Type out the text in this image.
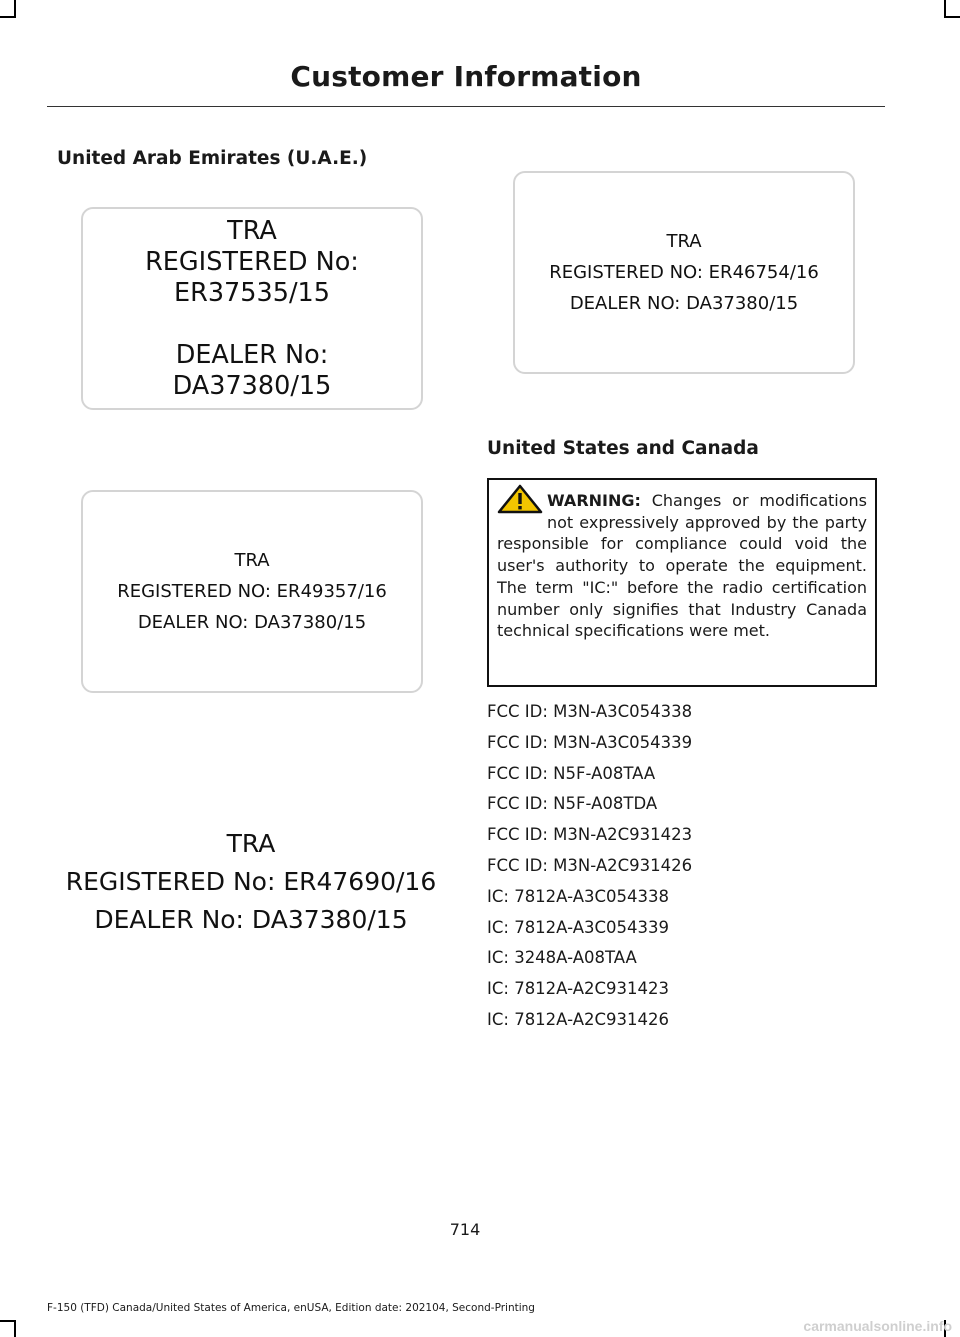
Customer Information
United Arab Emirates (U.A.E.)
TRA
REGISTERED No:
ER37535/15
DEALER No:
DA37380/15
TRA
REGISTERED NO: ER46754/16
DEALER NO: DA37380/15
TRA
REGISTERED NO: ER49357/16
DEALER NO: DA37380/15
TRA
REGISTERED No: ER47690/16
DEALER No: DA37380/15
United States and Canada
WARNING: Changes or modifications not expressively approved by the party responsible for compliance could void the user's authority to operate the equipment. The term "IC:" before the radio certification number only signifies that Industry Canada technical specifications were met.
FCC ID: M3N-A3C054338
FCC ID: M3N-A3C054339
FCC ID: N5F-A08TAA
FCC ID: N5F-A08TDA
FCC ID: M3N-A2C931423
FCC ID: M3N-A2C931426
IC: 7812A-A3C054338
IC: 7812A-A3C054339
IC: 3248A-A08TAA
IC: 7812A-A2C931423
IC: 7812A-A2C931426
714
F-150 (TFD) Canada/United States of America, enUSA, Edition date: 202104, Second-Printing
carmanualsonline.info
